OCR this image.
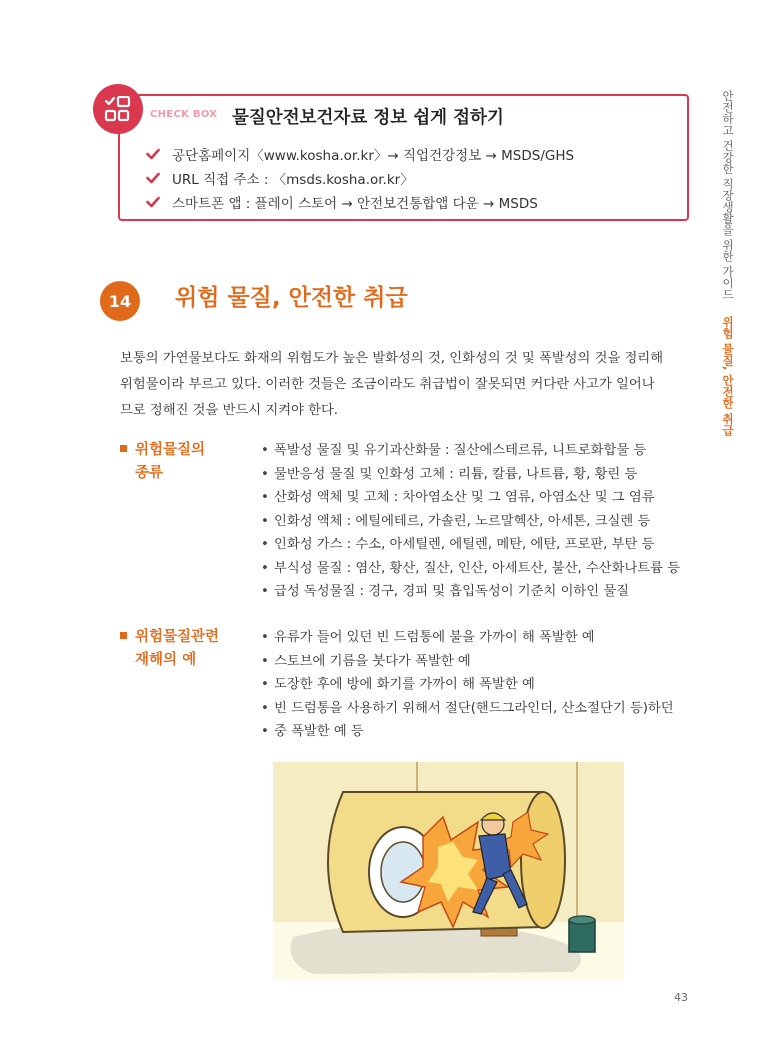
CHECK BOX 물질안전보건자료 정보 쉽게 접하기
공단홈페이지〈www.kosha.or.kr〉→ 직업건강정보 → MSDS/GHS
URL 직접 주소 : 〈msds.kosha.or.kr〉
스마트폰 앱 : 플레이 스토어 → 안전보건통합앱 다운 → MSDS	안전하고 건강한 직장생활을 위한 가이드 위험 물질, 안전한 취급
14	위험 물질, 안전한 취급
보통의 가연물보다도 화재의 위험도가 높은 발화성의 것, 인화성의 것 및 폭발성의 것을 정리해
위험물이라 부르고 있다. 이러한 것들은 조금이라도 취급법이 잘못되면 커다란 사고가 일어나
므로 정해진 것을 반드시 지켜야 한다.
위험물질의
종류
• 폭발성 물질 및 유기과산화물 : 질산에스테르류, 니트로화합물 등
• 물반응성 물질 및 인화성 고체 : 리튬, 칼륨, 나트륨, 황, 황린 등
• 산화성 액체 및 고체 : 차아염소산 및 그 염류, 아염소산 및 그 염류
• 인화성 액체 : 에틸에테르, 가솔린, 노르말헥산, 아세톤, 크실렌 등
• 인화성 가스 : 수소, 아세틸렌, 에틸렌, 메탄, 에탄, 프로판, 부탄 등
• 부식성 물질 : 염산, 황산, 질산, 인산, 아세트산, 불산, 수산화나트륨 등
• 급성 독성물질 : 경구, 경피 및 흡입독성이 기준치 이하인 물질
위험물질관련
재해의 예
• 유류가 들어 있던 빈 드럼통에 불을 가까이 해 폭발한 예
• 스토브에 기름을 붓다가 폭발한 예
• 도장한 후에 방에 화기를 가까이 해 폭발한 예
• 빈 드럼통을 사용하기 위해서 절단(핸드그라인더, 산소절단기 등)하던
• 중 폭발한 예 등
43
